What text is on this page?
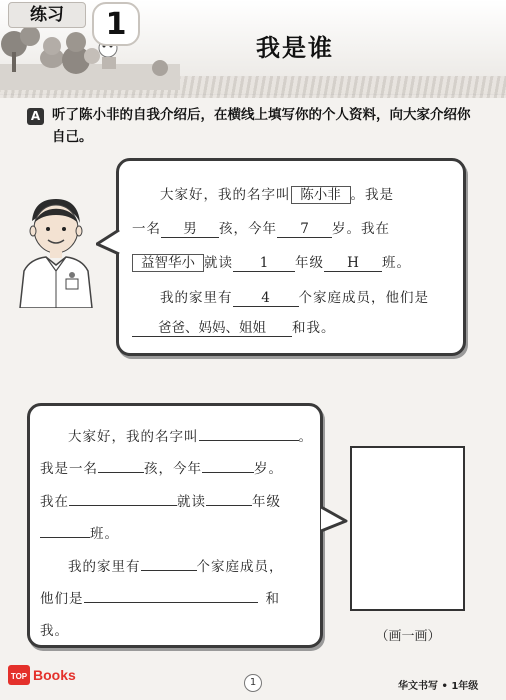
练习	1
我是谁
A 听了陈小非的自我介绍后，在横线上填写你的个人资料，向大家介绍你自己。
大家好，我的名字叫 陈小非 。我是
一名 男 孩，今年 7 岁。我在
益智华小 就读 1 年级 H 班。
我的家里有 4 个家庭成员，他们是
爸爸、妈妈、姐姐 和我。
大家好，我的名字叫	。
我是一名	孩，今年	岁。
我在	就读	年级
班。
我的家里有	个家庭成员，
他们是	和
我。	（画一画）
TOP Books	1	华文书写 • 1年级
